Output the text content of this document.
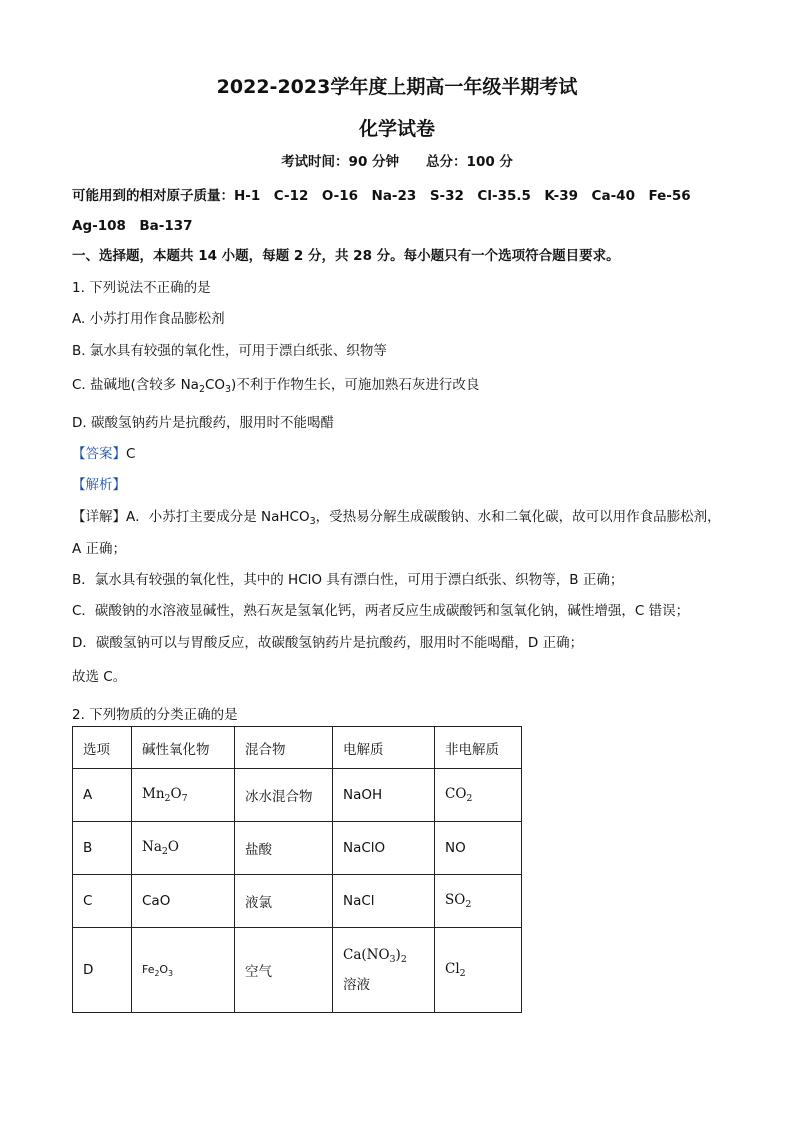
2022-2023学年度上期高一年级半期考试
化学试卷
考试时间：90 分钟　　总分：100 分
可能用到的相对原子质量：H-1　C-12　O-16　Na-23　S-32　Cl-35.5　K-39　Ca-40　Fe-56
Ag-108　Ba-137
一、选择题，本题共 14 小题，每题 2 分，共 28 分。每小题只有一个选项符合题目要求。
1. 下列说法不正确的是
A. 小苏打用作食品膨松剂
B. 氯水具有较强的氧化性，可用于漂白纸张、织物等
C. 盐碱地(含较多 $Na_2CO_3$)不利于作物生长，可施加熟石灰进行改良
D. 碳酸氢钠药片是抗酸药，服用时不能喝醋
【答案】C
【解析】
【详解】A．小苏打主要成分是 NaHCO$_3$，受热易分解生成碳酸钠、水和二氧化碳，故可以用作食品膨松剂，
A 正确；
B．氯水具有较强的氧化性，其中的 HClO 具有漂白性，可用于漂白纸张、织物等，B 正确；
C．碳酸钠的水溶液显碱性，熟石灰是氢氧化钙，两者反应生成碳酸钙和氢氧化钠，碱性增强，C 错误；
D．碳酸氢钠可以与胃酸反应，故碳酸氢钠药片是抗酸药，服用时不能喝醋，D 正确；
故选 C。
2. 下列物质的分类正确的是
选项	碱性氧化物	混合物	电解质	非电解质
A	$Mn_2O_7$	冰水混合物	NaOH	$CO_2$
B	$Na_2O$	盐酸	NaClO	NO
C	CaO	液氯	NaCl	$SO_2$
D	$Fe_2O_3$	空气	$Ca(NO_3)_2$
溶液	$Cl_2$
